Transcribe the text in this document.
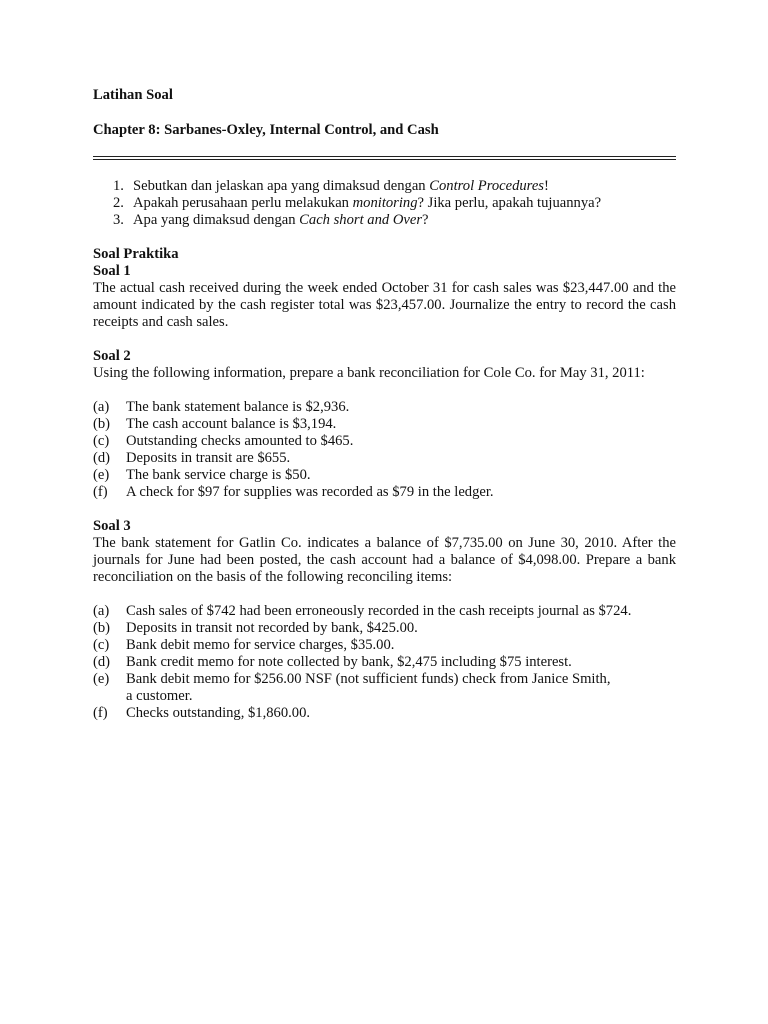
Latihan Soal
Chapter 8: Sarbanes-Oxley, Internal Control, and Cash
1. Sebutkan dan jelaskan apa yang dimaksud dengan Control Procedures!
2. Apakah perusahaan perlu melakukan monitoring? Jika perlu, apakah tujuannya?
3. Apa yang dimaksud dengan Cach short and Over?
Soal Praktika
Soal 1
The actual cash received during the week ended October 31 for cash sales was $23,447.00 and the amount indicated by the cash register total was $23,457.00. Journalize the entry to record the cash receipts and cash sales.
Soal 2
Using the following information, prepare a bank reconciliation for Cole Co. for May 31, 2011:
(a) The bank statement balance is $2,936.
(b) The cash account balance is $3,194.
(c) Outstanding checks amounted to $465.
(d) Deposits in transit are $655.
(e) The bank service charge is $50.
(f) A check for $97 for supplies was recorded as $79 in the ledger.
Soal 3
The bank statement for Gatlin Co. indicates a balance of $7,735.00 on June 30, 2010. After the journals for June had been posted, the cash account had a balance of $4,098.00. Prepare a bank reconciliation on the basis of the following reconciling items:
(a) Cash sales of $742 had been erroneously recorded in the cash receipts journal as $724.
(b) Deposits in transit not recorded by bank, $425.00.
(c) Bank debit memo for service charges, $35.00.
(d) Bank credit memo for note collected by bank, $2,475 including $75 interest.
(e) Bank debit memo for $256.00 NSF (not sufficient funds) check from Janice Smith,
a customer.
(f) Checks outstanding, $1,860.00.
